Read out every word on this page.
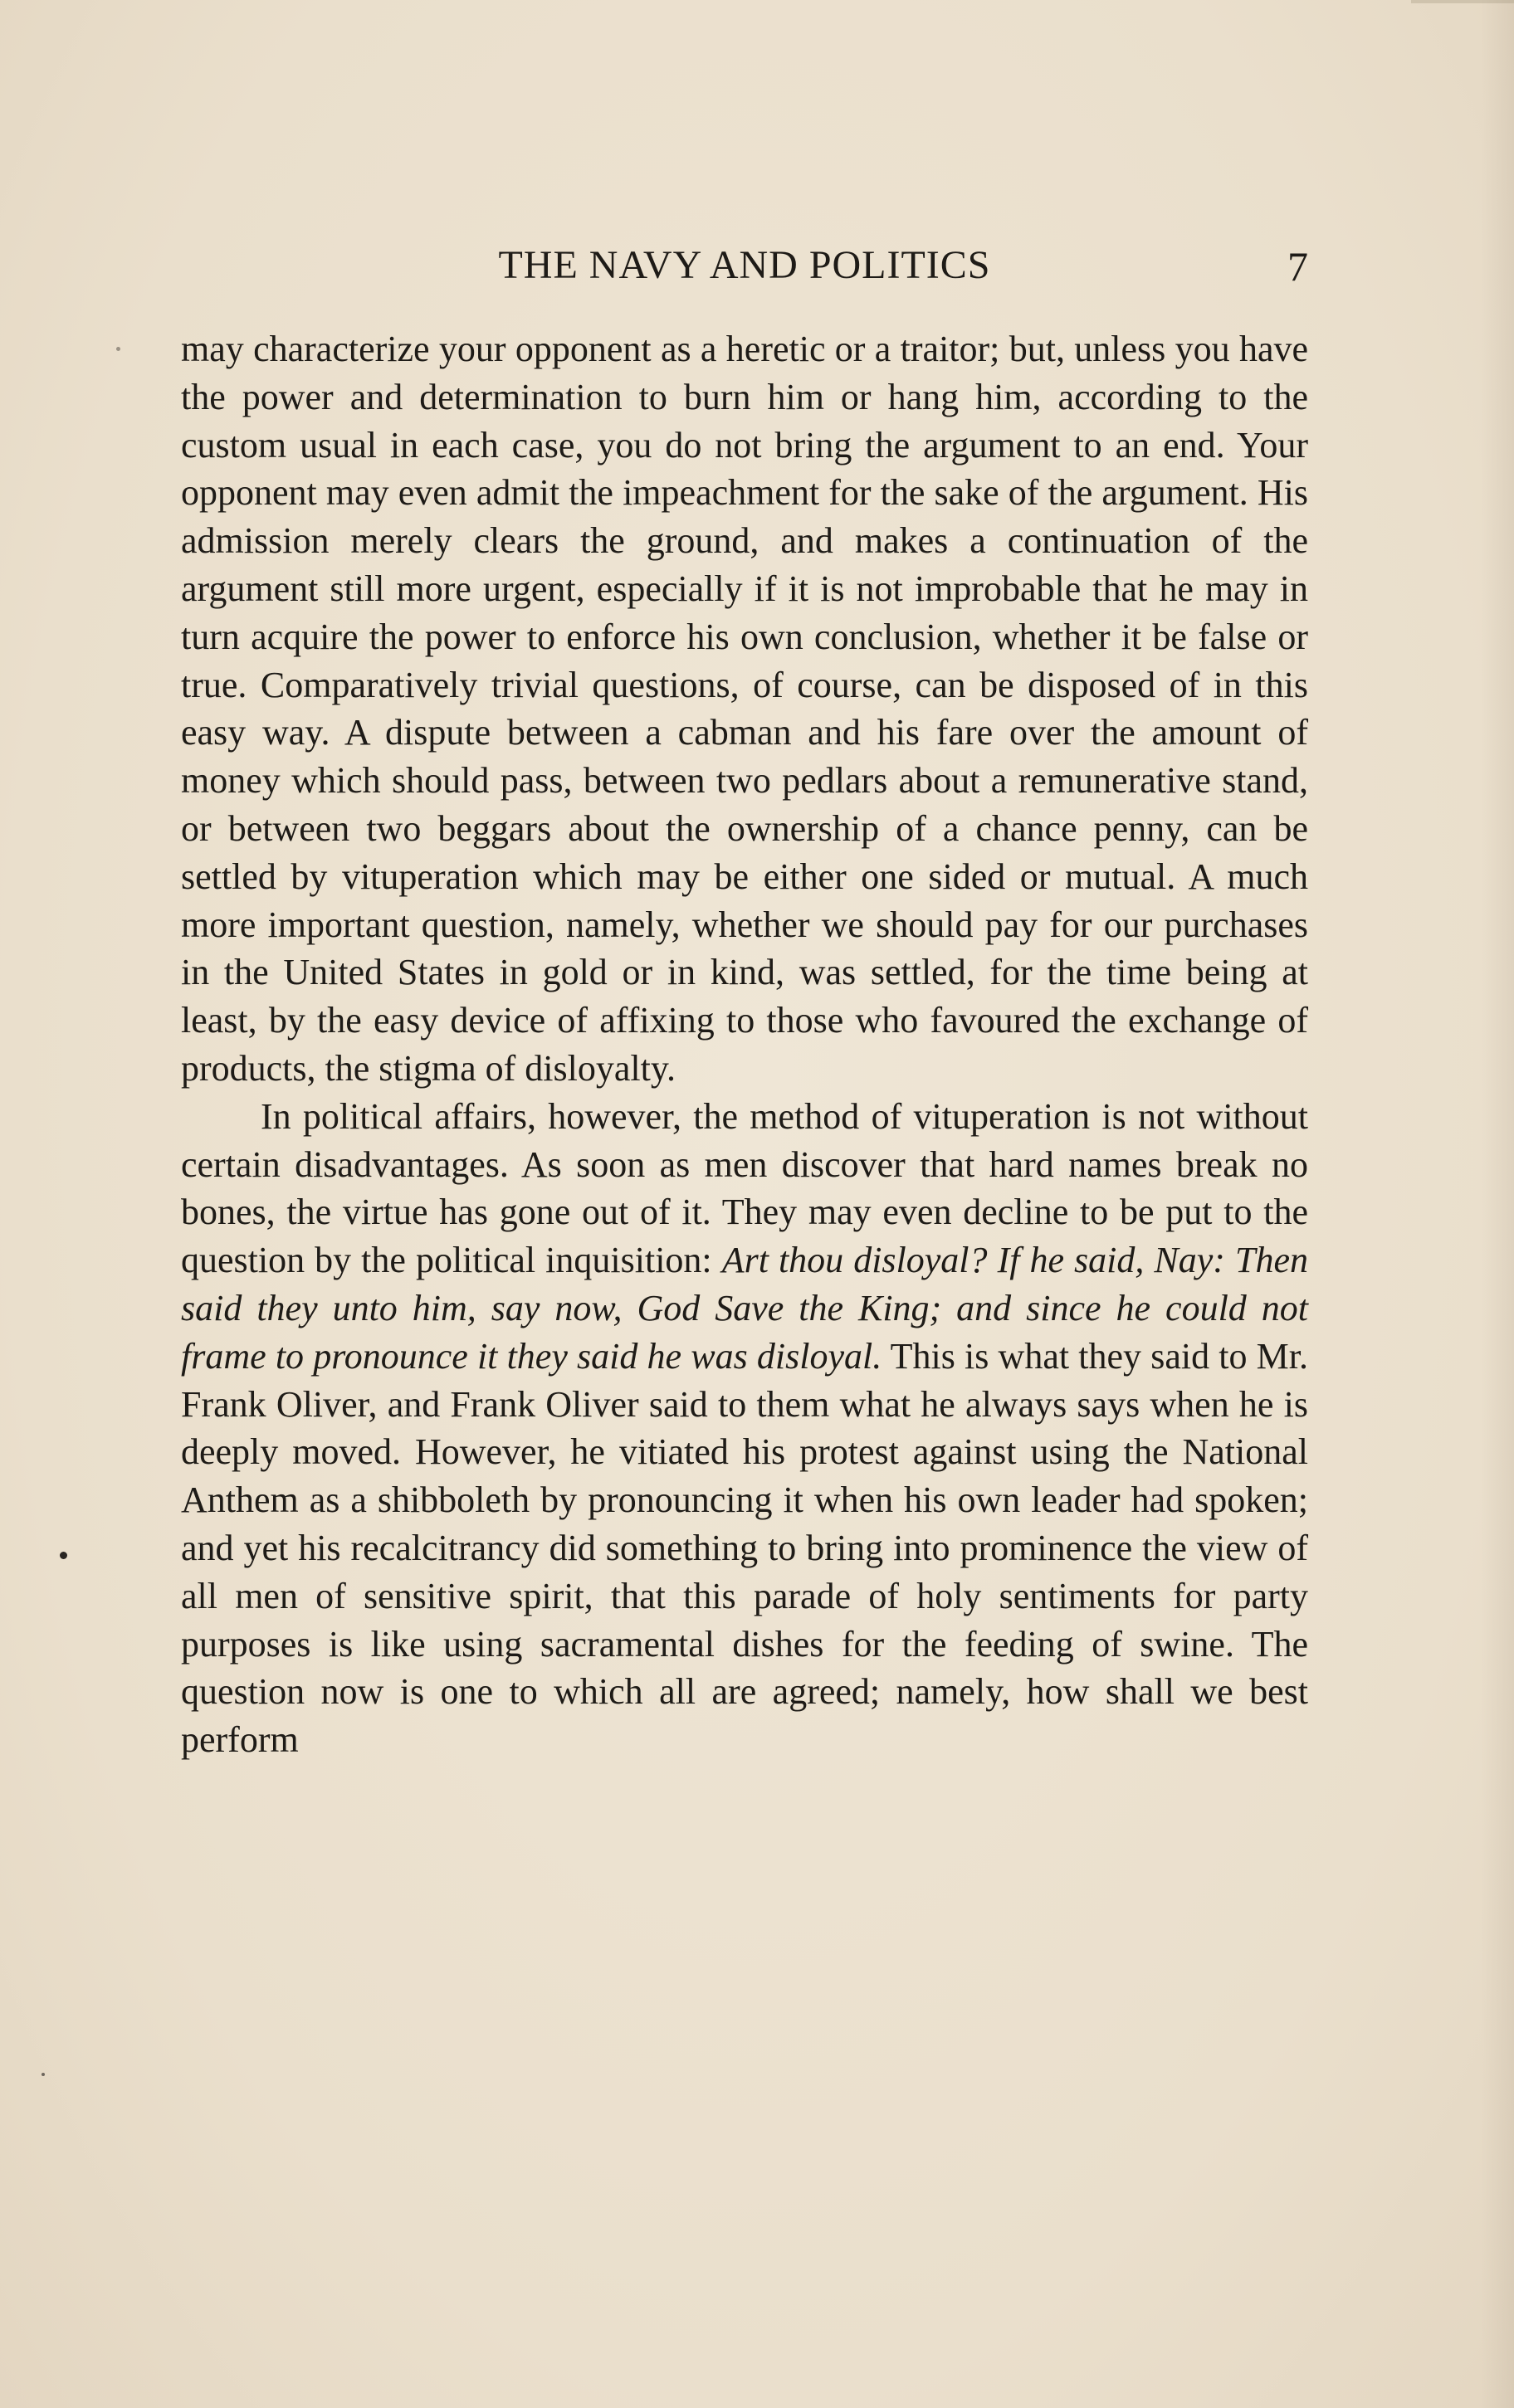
THE NAVY AND POLITICS	7

may characterize your opponent as a heretic or a traitor; but, unless you have the power and determination to burn him or hang him, according to the custom usual in each case, you do not bring the argument to an end. Your opponent may even admit the impeachment for the sake of the argument. His admission merely clears the ground, and makes a continuation of the argument still more urgent, especially if it is not improbable that he may in turn acquire the power to enforce his own conclusion, whether it be false or true. Comparatively trivial questions, of course, can be disposed of in this easy way. A dispute between a cabman and his fare over the amount of money which should pass, between two pedlars about a remunerative stand, or between two beggars about the ownership of a chance penny, can be settled by vituperation which may be either one sided or mutual. A much more important question, namely, whether we should pay for our purchases in the United States in gold or in kind, was settled, for the time being at least, by the easy device of affixing to those who favoured the exchange of products, the stigma of disloyalty.

In political affairs, however, the method of vituperation is not without certain disadvantages. As soon as men discover that hard names break no bones, the virtue has gone out of it. They may even decline to be put to the question by the political inquisition: Art thou disloyal? If he said, Nay: Then said they unto him, say now, God Save the King; and since he could not frame to pronounce it they said he was disloyal. This is what they said to Mr. Frank Oliver, and Frank Oliver said to them what he always says when he is deeply moved. However, he vitiated his protest against using the National Anthem as a shibboleth by pronouncing it when his own leader had spoken; and yet his recalcitrancy did something to bring into prominence the view of all men of sensitive spirit, that this parade of holy sentiments for party purposes is like using sacramental dishes for the feeding of swine. The question now is one to which all are agreed; namely, how shall we best perform
